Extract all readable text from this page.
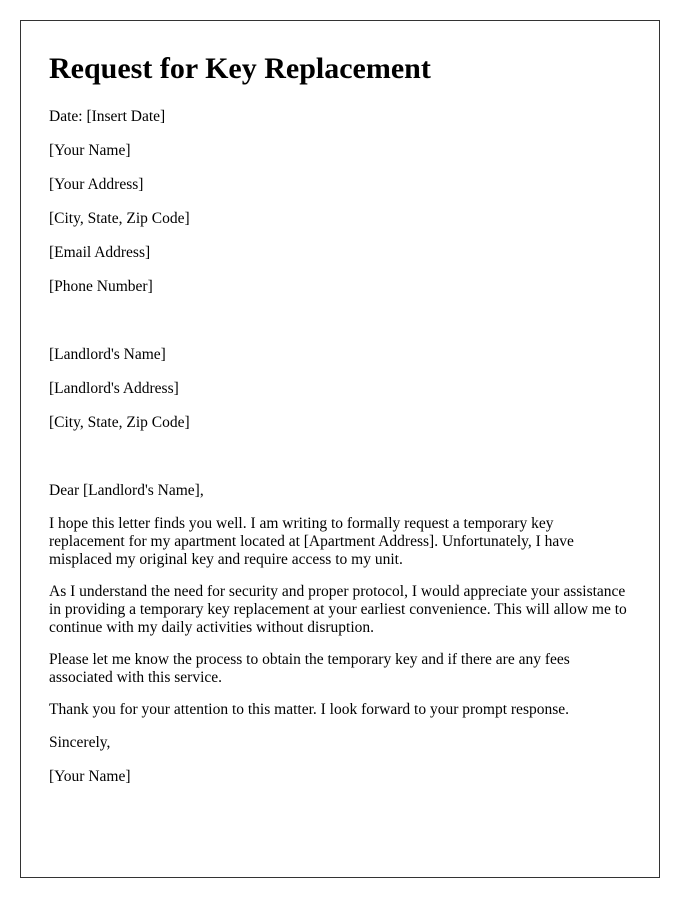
Request for Key Replacement

Date: [Insert Date]

[Your Name]

[Your Address]

[City, State, Zip Code]

[Email Address]

[Phone Number]

[Landlord's Name]

[Landlord's Address]

[City, State, Zip Code]

Dear [Landlord's Name],

I hope this letter finds you well. I am writing to formally request a temporary key replacement for my apartment located at [Apartment Address]. Unfortunately, I have misplaced my original key and require access to my unit.

As I understand the need for security and proper protocol, I would appreciate your assistance in providing a temporary key replacement at your earliest convenience. This will allow me to continue with my daily activities without disruption.

Please let me know the process to obtain the temporary key and if there are any fees associated with this service.

Thank you for your attention to this matter. I look forward to your prompt response.

Sincerely,

[Your Name]
